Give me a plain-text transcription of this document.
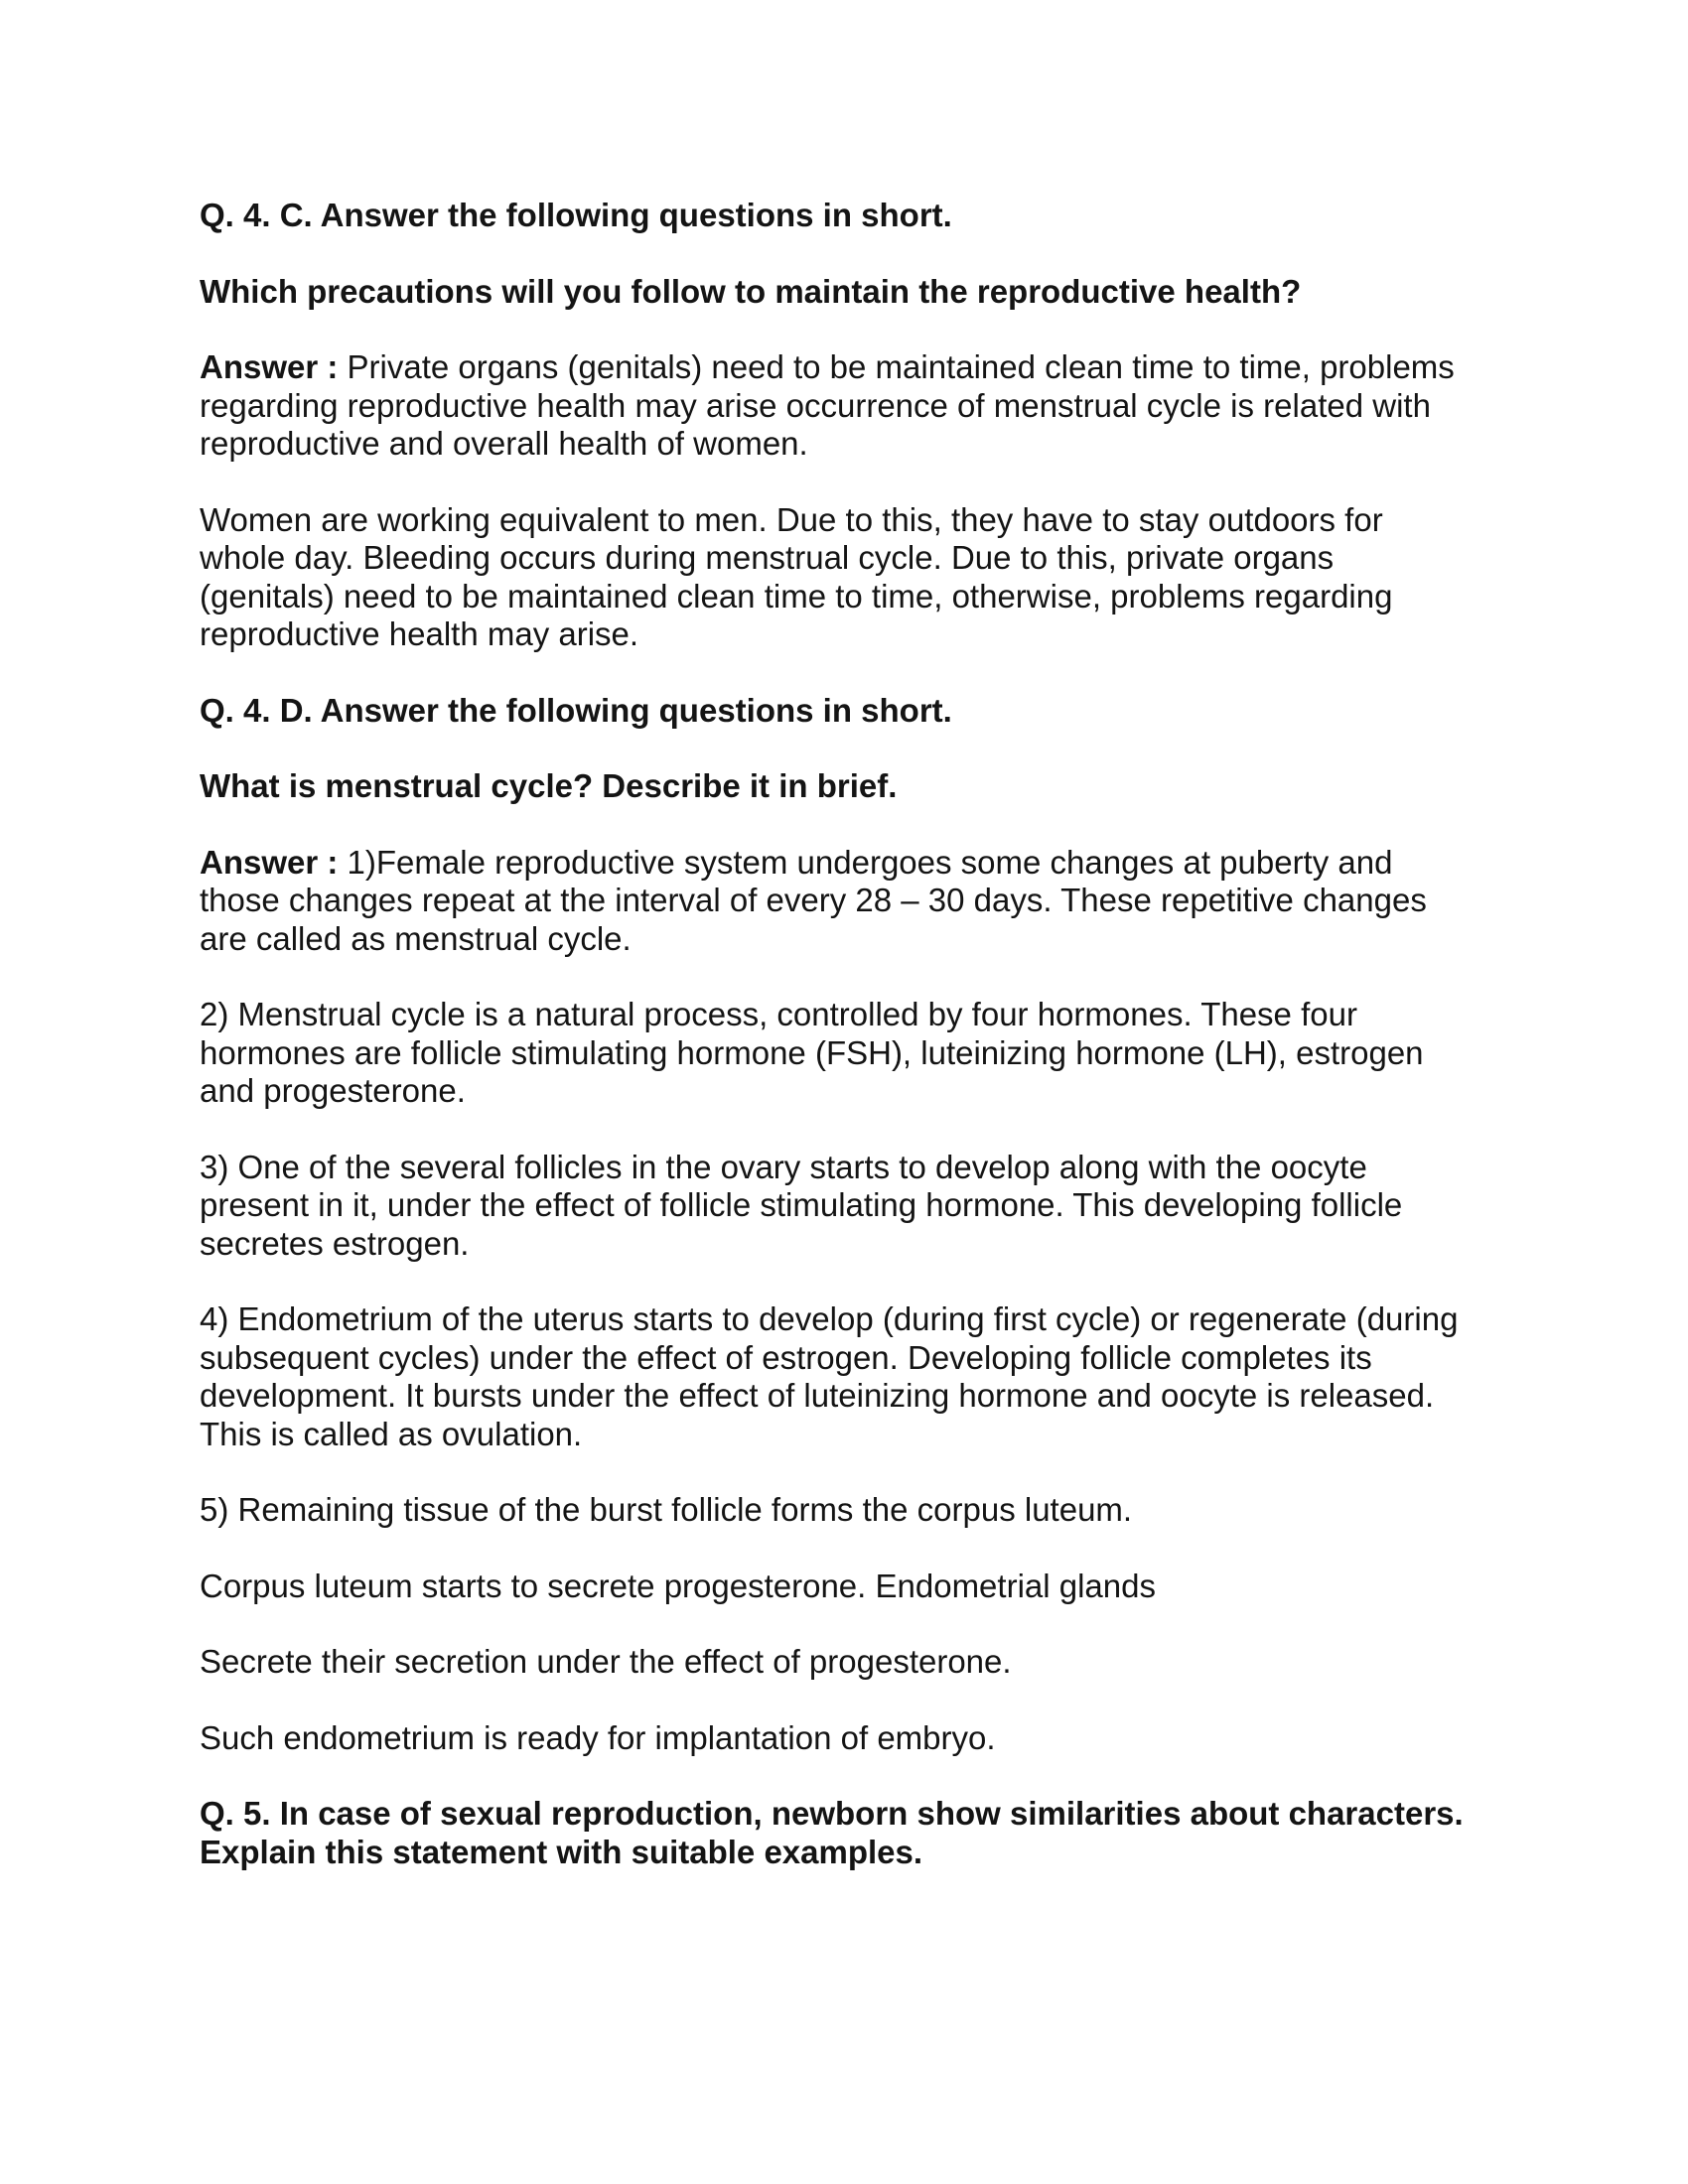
Q. 4. C. Answer the following questions in short.
Which precautions will you follow to maintain the reproductive health?
Answer : Private organs (genitals) need to be maintained clean time to time, problems
regarding reproductive health may arise occurrence of menstrual cycle is related with
reproductive and overall health of women.
Women are working equivalent to men. Due to this, they have to stay outdoors for
whole day. Bleeding occurs during menstrual cycle. Due to this, private organs
(genitals) need to be maintained clean time to time, otherwise, problems regarding
reproductive health may arise.
Q. 4. D. Answer the following questions in short.
What is menstrual cycle? Describe it in brief.
Answer : 1)Female reproductive system undergoes some changes at puberty and
those changes repeat at the interval of every 28 – 30 days. These repetitive changes
are called as menstrual cycle.
2) Menstrual cycle is a natural process, controlled by four hormones. These four
hormones are follicle stimulating hormone (FSH), luteinizing hormone (LH), estrogen
and progesterone.
3) One of the several follicles in the ovary starts to develop along with the oocyte
present in it, under the effect of follicle stimulating hormone. This developing follicle
secretes estrogen.
4) Endometrium of the uterus starts to develop (during first cycle) or regenerate (during
subsequent cycles) under the effect of estrogen. Developing follicle completes its
development. It bursts under the effect of luteinizing hormone and oocyte is released.
This is called as ovulation.
5) Remaining tissue of the burst follicle forms the corpus luteum.
Corpus luteum starts to secrete progesterone. Endometrial glands
Secrete their secretion under the effect of progesterone.
Such endometrium is ready for implantation of embryo.
Q. 5. In case of sexual reproduction, newborn show similarities about characters.
Explain this statement with suitable examples.
